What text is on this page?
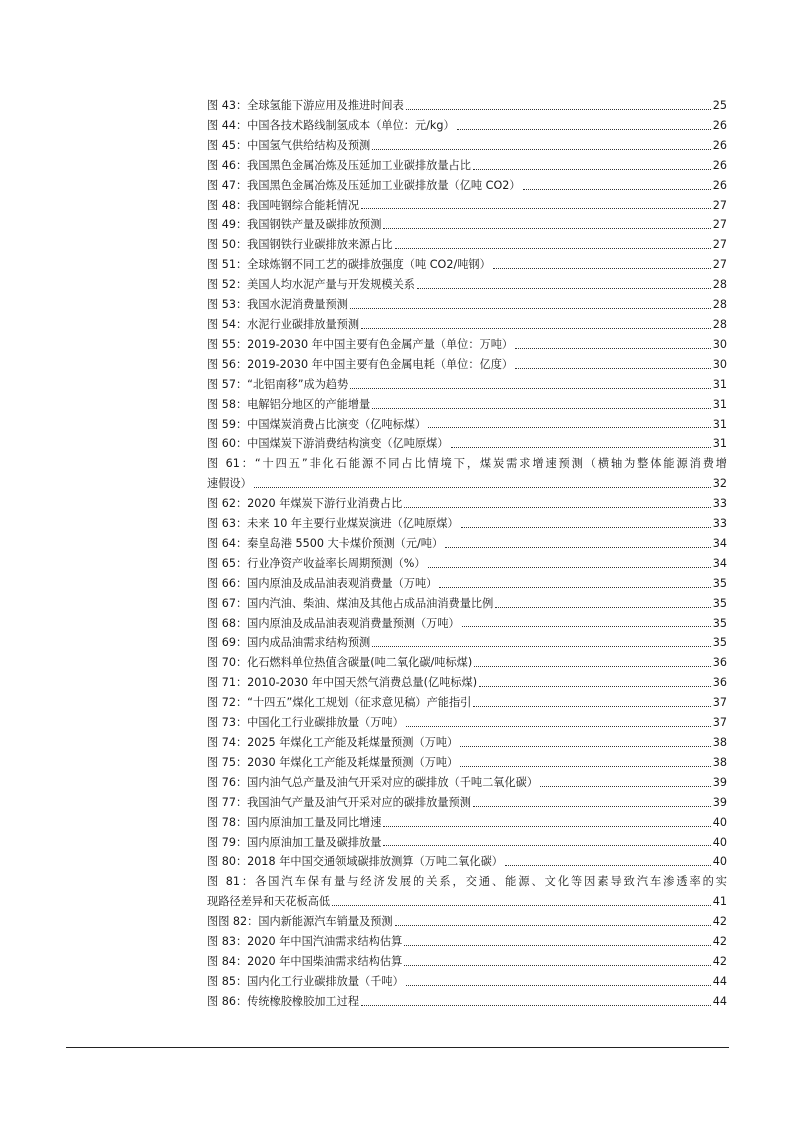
图 43：全球氢能下游应用及推进时间表	25
图 44：中国各技术路线制氢成本（单位：元/kg）	26
图 45：中国氢气供给结构及预测	26
图 46：我国黑色金属冶炼及压延加工业碳排放量占比	26
图 47：我国黑色金属冶炼及压延加工业碳排放量（亿吨 CO2）	26
图 48：我国吨钢综合能耗情况	27
图 49：我国钢铁产量及碳排放预测	27
图 50：我国钢铁行业碳排放来源占比	27
图 51：全球炼钢不同工艺的碳排放强度（吨 CO2/吨钢）	27
图 52：美国人均水泥产量与开发规模关系	28
图 53：我国水泥消费量预测	28
图 54：水泥行业碳排放量预测	28
图 55：2019-2030 年中国主要有色金属产量（单位：万吨）	30
图 56：2019-2030 年中国主要有色金属电耗（单位：亿度）	30
图 57：“北铝南移”成为趋势	31
图 58：电解铝分地区的产能增量	31
图 59：中国煤炭消费占比演变（亿吨标煤）	31
图 60：中国煤炭下游消费结构演变（亿吨原煤）	31
图 61：“十四五”非化石能源不同占比情境下，煤炭需求增速预测（横轴为整体能源消费增
速假设）	32
图 62：2020 年煤炭下游行业消费占比	33
图 63：未来 10 年主要行业煤炭演进（亿吨原煤）	33
图 64：秦皇岛港 5500 大卡煤价预测（元/吨）	34
图 65：行业净资产收益率长周期预测（%）	34
图 66：国内原油及成品油表观消费量（万吨）	35
图 67：国内汽油、柴油、煤油及其他占成品油消费量比例	35
图 68：国内原油及成品油表观消费量预测（万吨）	35
图 69：国内成品油需求结构预测	35
图 70：化石燃料单位热值含碳量(吨二氧化碳/吨标煤)	36
图 71：2010-2030 年中国天然气消费总量(亿吨标煤)	36
图 72：“十四五”煤化工规划（征求意见稿）产能指引	37
图 73：中国化工行业碳排放量（万吨）	37
图 74：2025 年煤化工产能及耗煤量预测（万吨）	38
图 75：2030 年煤化工产能及耗煤量预测（万吨）	38
图 76：国内油气总产量及油气开采对应的碳排放（千吨二氧化碳）	39
图 77：我国油气产量及油气开采对应的碳排放量预测	39
图 78：国内原油加工量及同比增速	40
图 79：国内原油加工量及碳排放量	40
图 80：2018 年中国交通领域碳排放测算（万吨二氧化碳）	40
图 81：各国汽车保有量与经济发展的关系，交通、能源、文化等因素导致汽车渗透率的实
现路径差异和天花板高低	41
图图 82：国内新能源汽车销量及预测	42
图 83：2020 年中国汽油需求结构估算	42
图 84：2020 年中国柴油需求结构估算	42
图 85：国内化工行业碳排放量（千吨）	44
图 86：传统橡胶橡胶加工过程	44
